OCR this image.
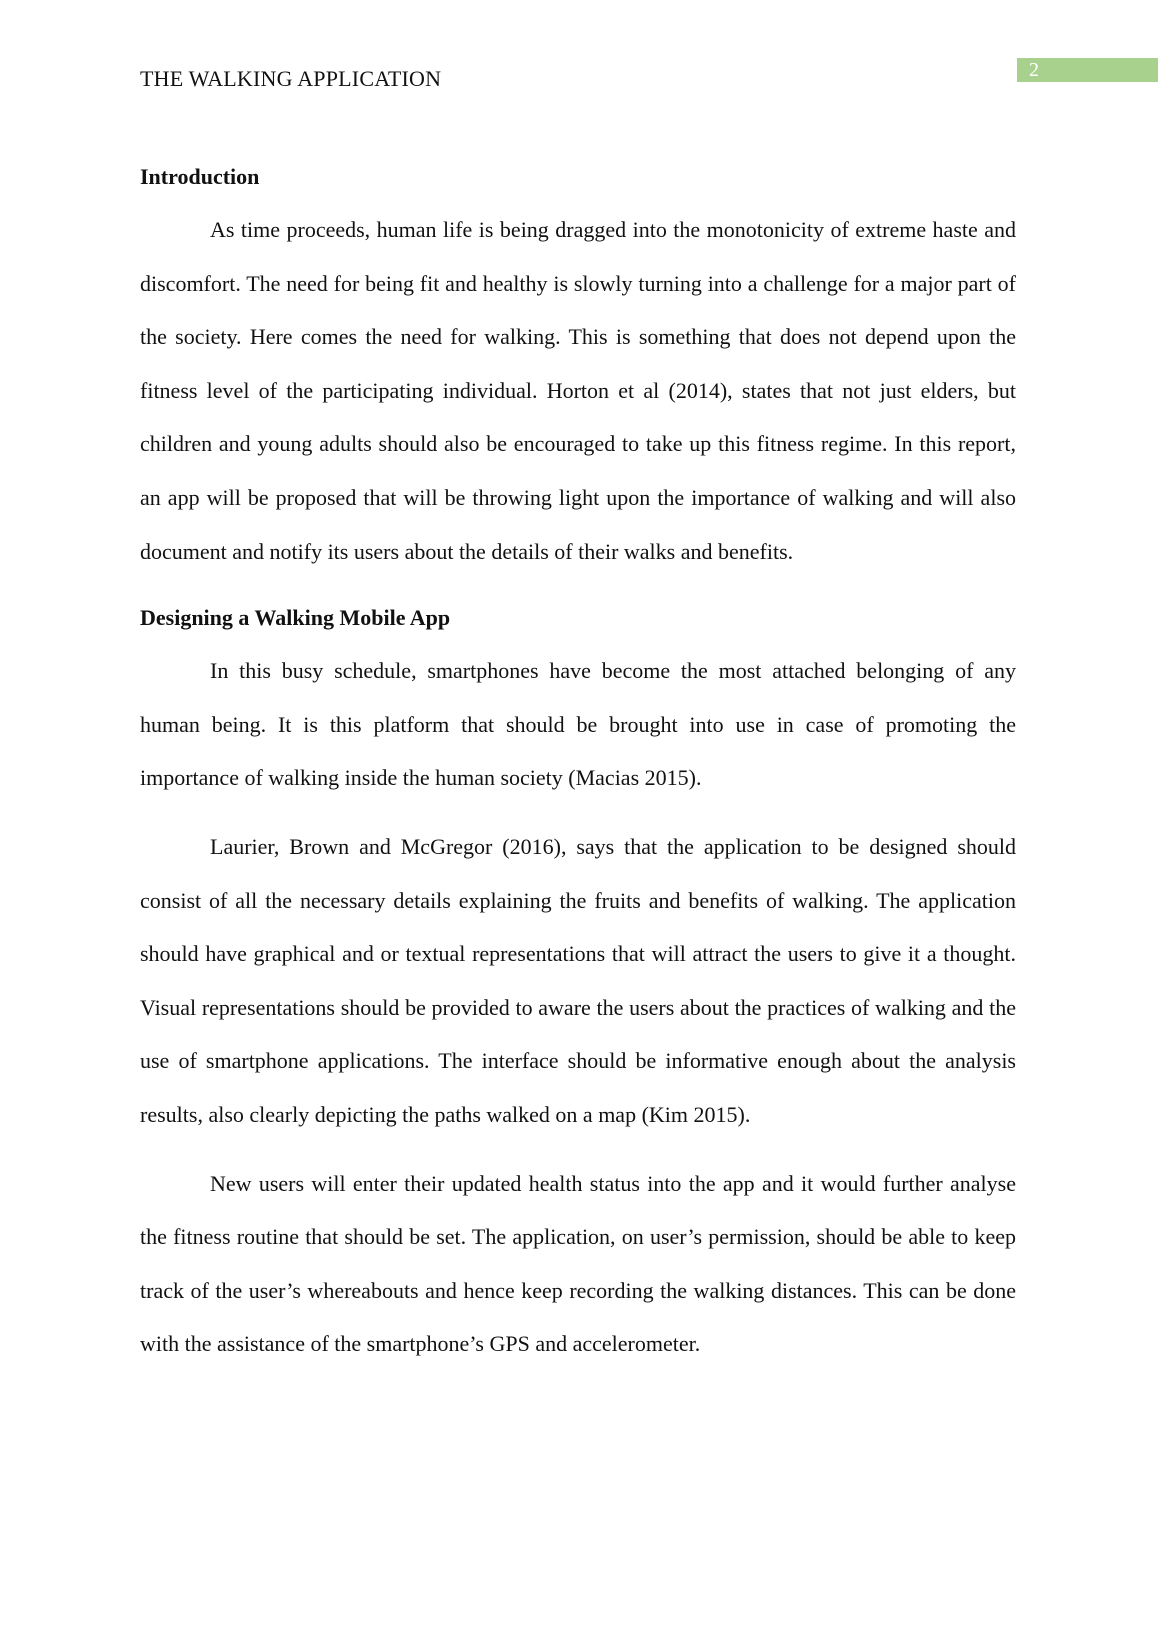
THE WALKING APPLICATION	2
Introduction

As time proceeds, human life is being dragged into the monotonicity of extreme haste and discomfort. The need for being fit and healthy is slowly turning into a challenge for a major part of the society. Here comes the need for walking. This is something that does not depend upon the fitness level of the participating individual. Horton et al (2014), states that not just elders, but children and young adults should also be encouraged to take up this fitness regime. In this report, an app will be proposed that will be throwing light upon the importance of walking and will also document and notify its users about the details of their walks and benefits.

Designing a Walking Mobile App

In this busy schedule, smartphones have become the most attached belonging of any human being. It is this platform that should be brought into use in case of promoting the importance of walking inside the human society (Macias 2015).

Laurier, Brown and McGregor (2016), says that the application to be designed should consist of all the necessary details explaining the fruits and benefits of walking. The application should have graphical and or textual representations that will attract the users to give it a thought. Visual representations should be provided to aware the users about the practices of walking and the use of smartphone applications. The interface should be informative enough about the analysis results, also clearly depicting the paths walked on a map (Kim 2015).

New users will enter their updated health status into the app and it would further analyse the fitness routine that should be set. The application, on user’s permission, should be able to keep track of the user’s whereabouts and hence keep recording the walking distances. This can be done with the assistance of the smartphone’s GPS and accelerometer.
